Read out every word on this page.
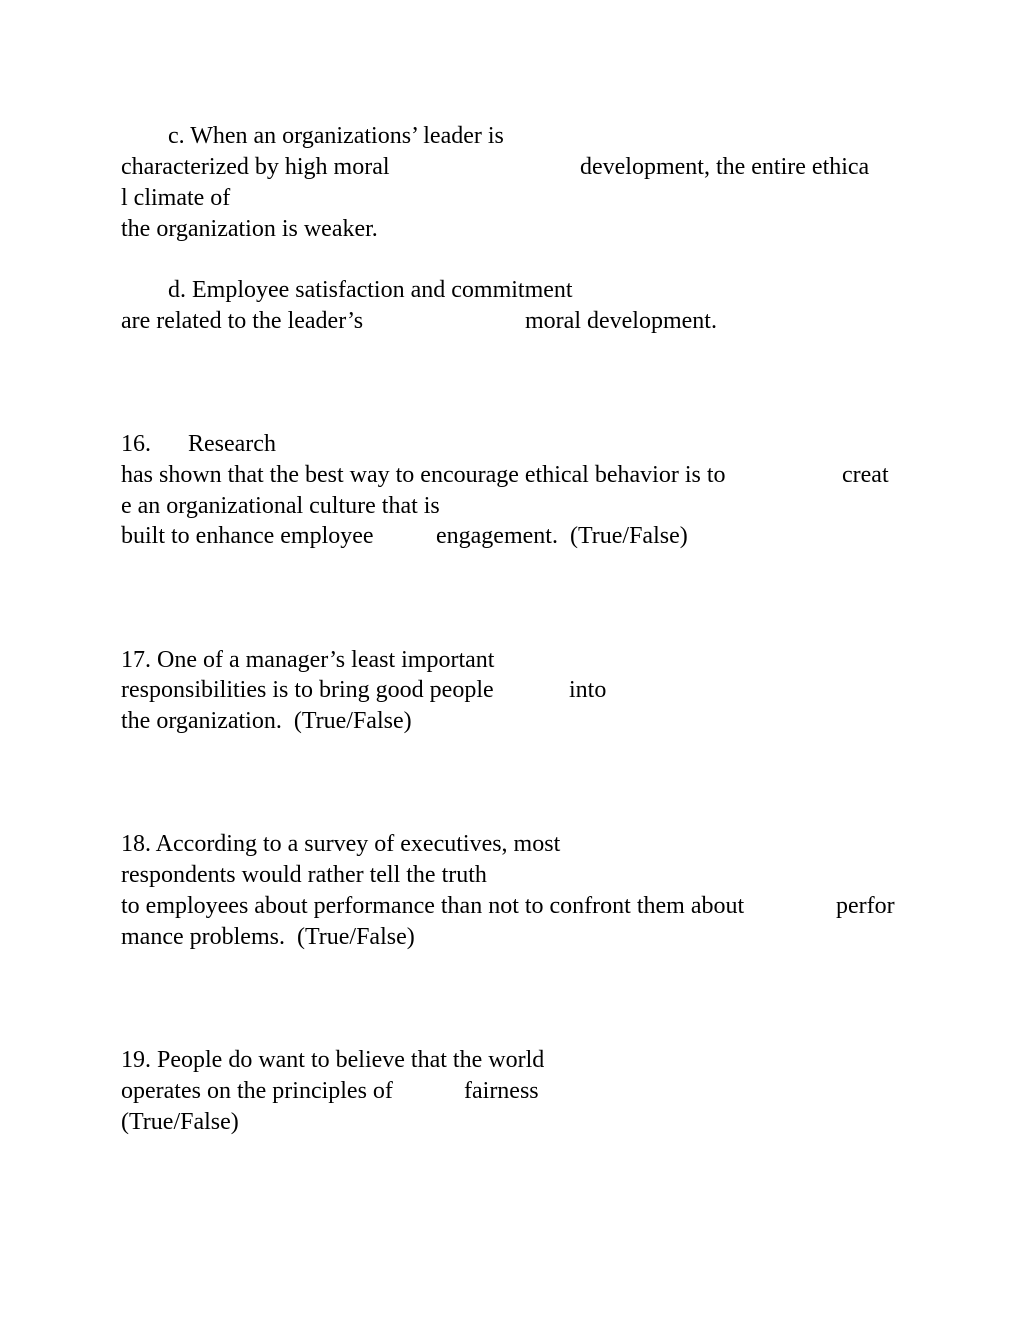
c. When an organizations’ leader is
characterized by high moral	development, the entire ethica
l climate of
the organization is weaker.
d. Employee satisfaction and commitment
are related to the leader’s	moral development.
16. Research
has shown that the best way to encourage ethical behavior is to	creat
e an organizational culture that is
built to enhance employee	engagement.  (True/False)
17. One of a manager’s least important
responsibilities is to bring good people	into
the organization.  (True/False)
18. According to a survey of executives, most
respondents would rather tell the truth
to employees about performance than not to confront them about	perfor
mance problems.  (True/False)
19. People do want to believe that the world
operates on the principles of	fairness
(True/False)
